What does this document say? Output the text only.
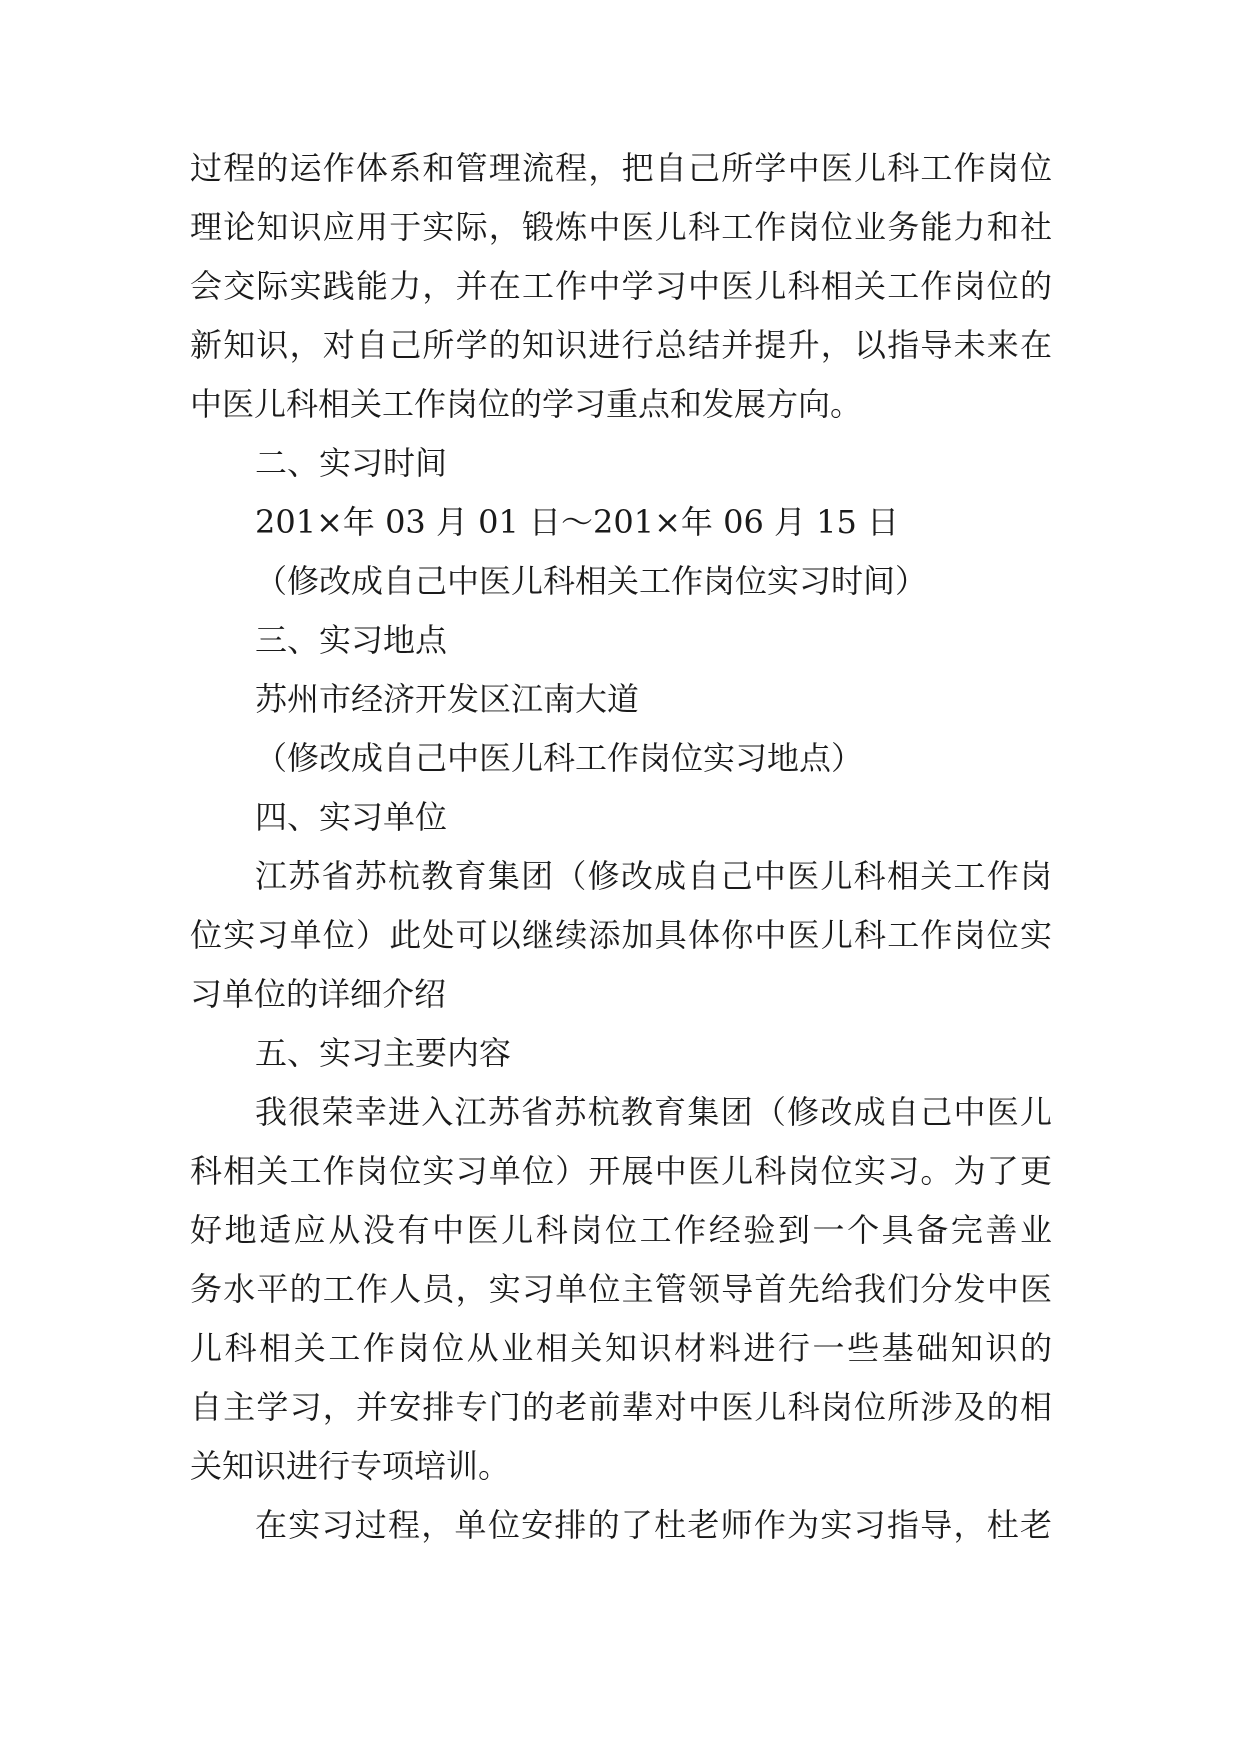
过程的运作体系和管理流程，把自己所学中医儿科工作岗位
理论知识应用于实际，锻炼中医儿科工作岗位业务能力和社
会交际实践能力，并在工作中学习中医儿科相关工作岗位的
新知识，对自己所学的知识进行总结并提升，以指导未来在
中医儿科相关工作岗位的学习重点和发展方向。
二、实习时间
201×年 03 月 01 日～201×年 06 月 15 日
（修改成自己中医儿科相关工作岗位实习时间）
三、实习地点
苏州市经济开发区江南大道
（修改成自己中医儿科工作岗位实习地点）
四、实习单位
江苏省苏杭教育集团（修改成自己中医儿科相关工作岗
位实习单位）此处可以继续添加具体你中医儿科工作岗位实
习单位的详细介绍
五、实习主要内容
我很荣幸进入江苏省苏杭教育集团（修改成自己中医儿
科相关工作岗位实习单位）开展中医儿科岗位实习。为了更
好地适应从没有中医儿科岗位工作经验到一个具备完善业
务水平的工作人员，实习单位主管领导首先给我们分发中医
儿科相关工作岗位从业相关知识材料进行一些基础知识的
自主学习，并安排专门的老前辈对中医儿科岗位所涉及的相
关知识进行专项培训。
在实习过程，单位安排的了杜老师作为实习指导，杜老
